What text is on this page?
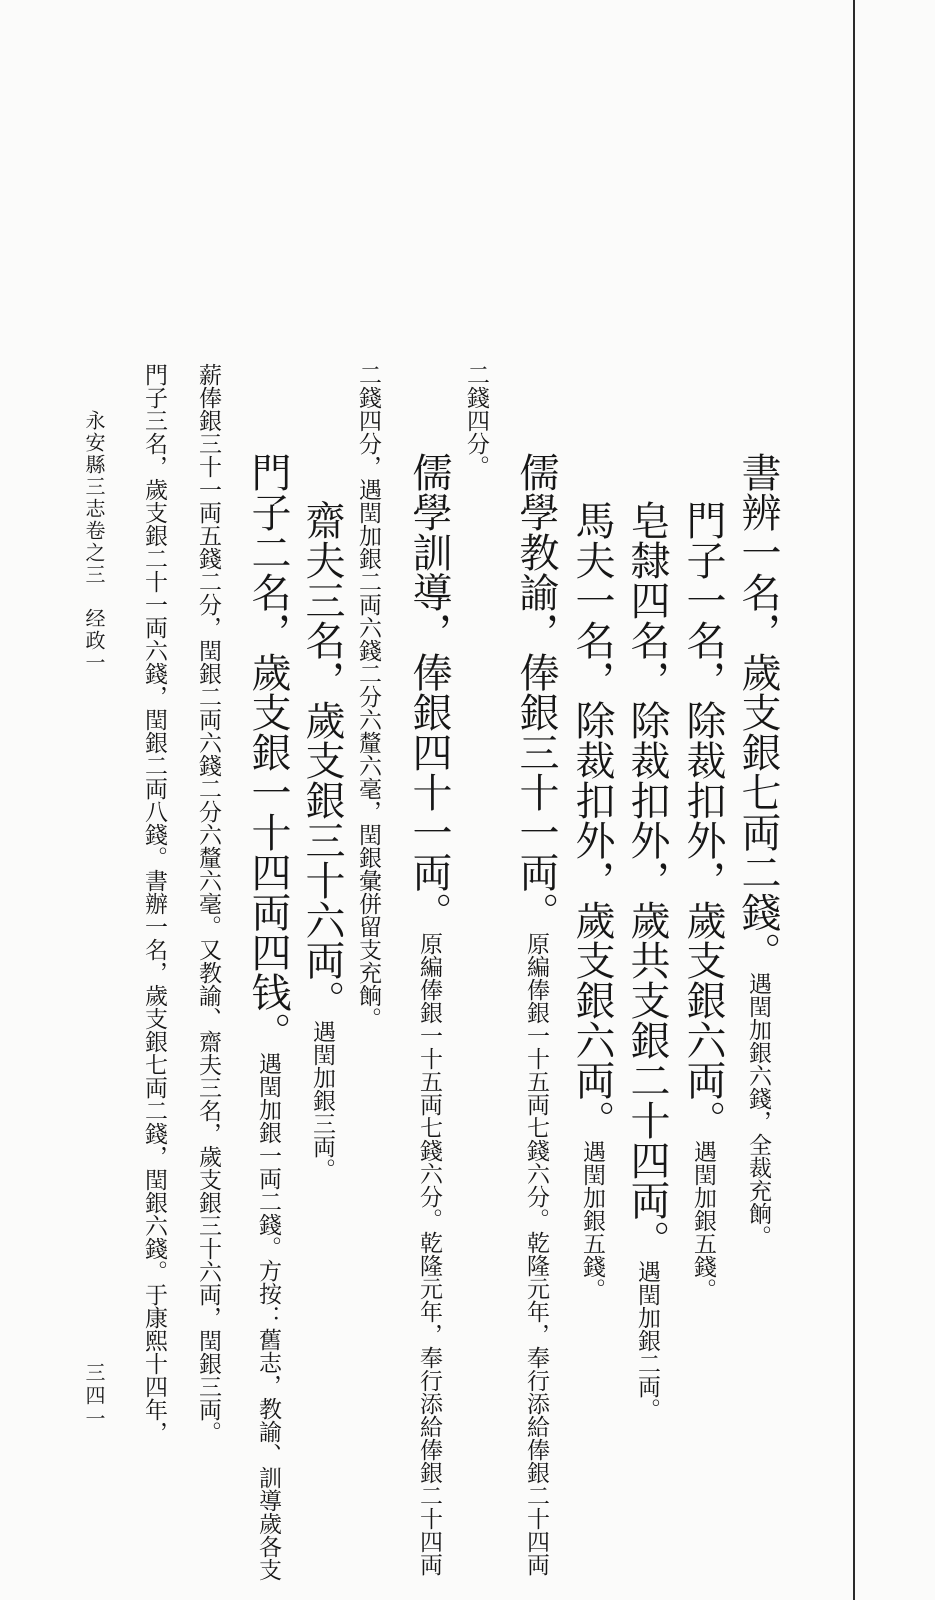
書辨一名，歲支銀七両二錢。遇閏加銀六錢，全裁充餉。
門子一名，除裁扣外，歲支銀六両。遇閏加銀五錢。
皂隸四名，除裁扣外，歲共支銀二十四両。遇閏加銀二両。
馬夫一名，除裁扣外，歲支銀六両。遇閏加銀五錢。
儒學教諭，俸銀三十一両。原編俸銀一十五両七錢六分。乾隆元年，奉行添給俸銀二十四両
二錢四分。
儒學訓導，俸銀四十一両。原編俸銀一十五両七錢六分。乾隆元年，奉行添給俸銀二十四両
二錢四分，遇閏加銀二両六錢二分六釐六毫，閏銀彙併留支充餉。
齋夫三名，歲支銀三十六両。遇閏加銀三両。
門子二名，歲支銀一十四両四钱。遇閏加銀一両二錢。方按：舊志，教諭、訓導歲各支
薪俸銀三十一両五錢二分，閏銀二両六錢二分六釐六毫。又教諭、齋夫三名，歲支銀三十六両，閏銀三両。
門子三名，歲支銀二十一両六錢，閏銀二両八錢。書辦一名，歲支銀七両二錢，閏銀六錢。于康熙十四年，
永安縣三志卷之三　经政一
三四一
